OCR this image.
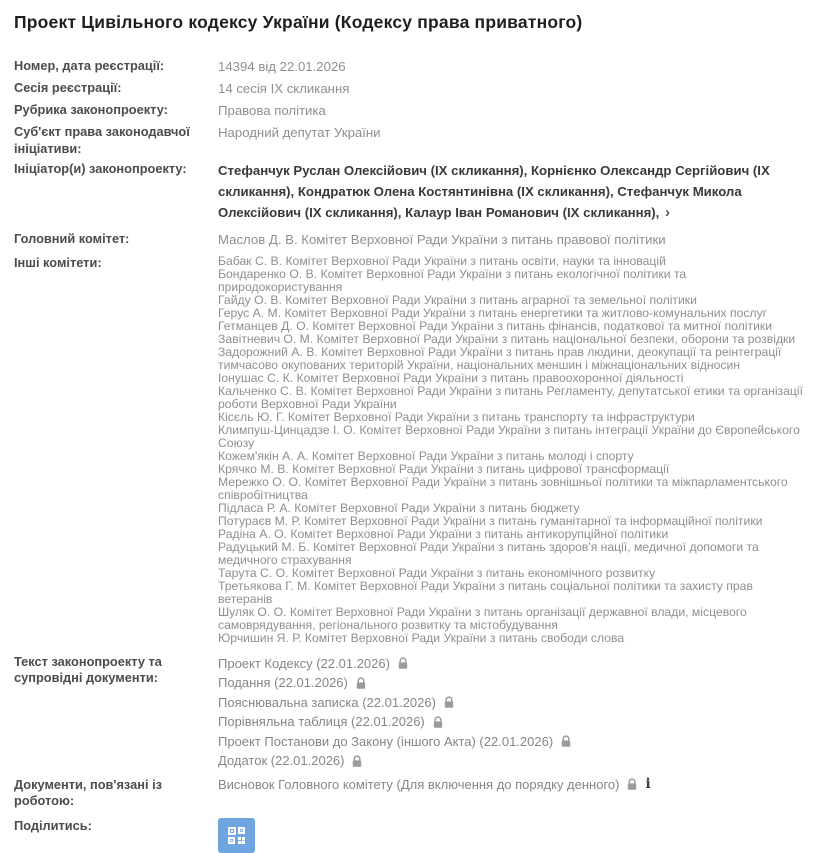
Проект Цивільного кодексу України (Кодексу права приватного)
Номер, дата реєстрації:	14394 від 22.01.2026
Сесія реєстрації:	14 сесія IX скликання
Рубрика законопроекту:	Правова політика
Суб'єкт права законодавчої ініціативи:
Народний депутат України
Ініціатор(и) законопроекту:	Стефанчук Руслан Олексійович (IX скликання), Корнієнко Олександр Сергійович (IX скликання), Кондратюк Олена Костянтинівна (IX скликання), Стефанчук Микола Олексійович (IX скликання), Калаур Іван Романович (IX скликання), ›
Головний комітет:	Маслов Д. В. Комітет Верховної Ради України з питань правової політики
Інші комітети:	Бабак С. В. Комітет Верховної Ради України з питань освіти, науки та інновацій
Бондаренко О. В. Комітет Верховної Ради України з питань екологічної політики та природокористування
Гайду О. В. Комітет Верховної Ради України з питань аграрної та земельної політики
Герус А. М. Комітет Верховної Ради України з питань енергетики та житлово-комунальних послуг
Гетманцев Д. О. Комітет Верховної Ради України з питань фінансів, податкової та митної політики
Завітневич О. М. Комітет Верховної Ради України з питань національної безпеки, оборони та розвідки
Задорожний А. В. Комітет Верховної Ради України з питань прав людини, деокупації та реінтеграції тимчасово окупованих територій України, національних меншин і міжнаціональних відносин
Іонушас С. К. Комітет Верховної Ради України з питань правоохоронної діяльності
Кальченко С. В. Комітет Верховної Ради України з питань Регламенту, депутатської етики та організації роботи Верховної Ради України
Кісєль Ю. Г. Комітет Верховної Ради України з питань транспорту та інфраструктури
Климпуш-Цинцадзе І. О. Комітет Верховної Ради України з питань інтеграції України до Європейського Союзу
Кожем'якін А. А. Комітет Верховної Ради України з питань молоді і спорту
Крячко М. В. Комітет Верховної Ради України з питань цифрової трансформації
Мережко О. О. Комітет Верховної Ради України з питань зовнішньої політики та міжпарламентського співробітництва
Підласа Р. А. Комітет Верховної Ради України з питань бюджету
Потураєв М. Р. Комітет Верховної Ради України з питань гуманітарної та інформаційної політики
Радіна А. О. Комітет Верховної Ради України з питань антикорупційної політики
Радуцький М. Б. Комітет Верховної Ради України з питань здоров'я нації, медичної допомоги та медичного страхування
Тарута С. О. Комітет Верховної Ради України з питань економічного розвитку
Третьякова Г. М. Комітет Верховної Ради України з питань соціальної політики та захисту прав ветеранів
Шуляк О. О. Комітет Верховної Ради України з питань організації державної влади, місцевого самоврядування, регіонального розвитку та містобудування
Юрчишин Я. Р. Комітет Верховної Ради України з питань свободи слова
Текст законопроекту та супровідні документи:
Проект Кодексу (22.01.2026)
Подання (22.01.2026)
Пояснювальна записка (22.01.2026)
Порівняльна таблиця (22.01.2026)
Проект Постанови до Закону (іншого Акта) (22.01.2026)
Додаток (22.01.2026)
Документи, пов'язані із роботою:
Висновок Головного комітету (Для включення до порядку денного) i
Поділитись:
